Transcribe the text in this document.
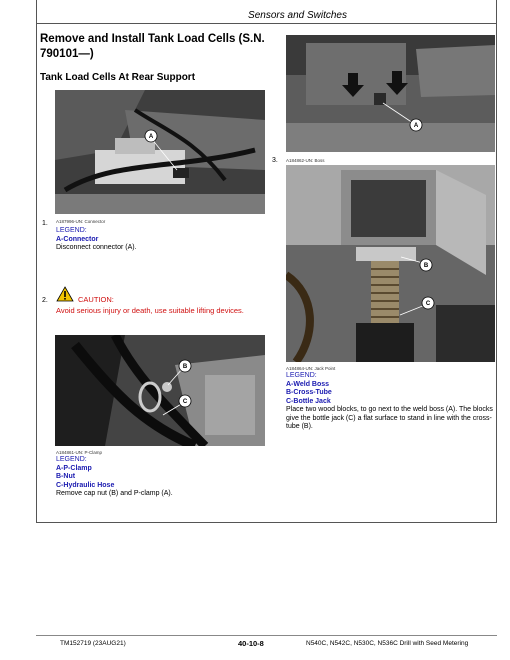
Sensors and Switches
Remove and Install Tank Load Cells (S.N. 790101—)
Tank Load Cells At Rear Support
A
A187996-UN: Connector
1.
LEGEND:
A-Connector
Disconnect connector (A).
2.	CAUTION:
Avoid serious injury or death, use suitable lifting devices.
B
C
A184861-UN: P-Clamp
LEGEND:
A-P-Clamp
B-Nut
C-Hydraulic Hose
Remove cap nut (B) and P-clamp (A).
A
3. A184862-UN: Boss
B
C
A184864-UN: Jack Point
LEGEND:
A-Weld Boss
B-Cross-Tube
C-Bottle Jack
Place two wood blocks, to go next to the weld boss (A). The blocks give the bottle jack (C) a flat surface to stand in line with the cross-tube (B).
TM152719 (23AUG21)	40-10-8	N540C, N542C, N530C, N536C Drill with Seed Metering
